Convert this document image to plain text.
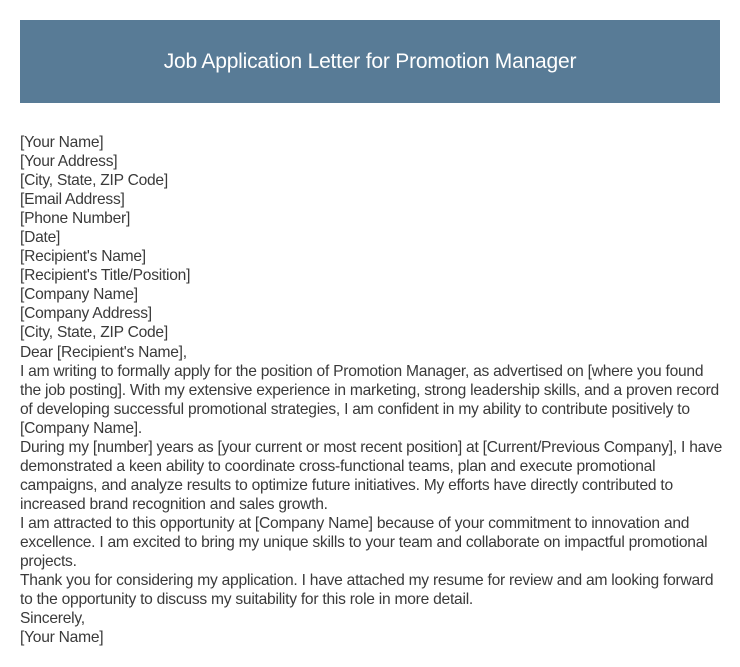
Job Application Letter for Promotion Manager
[Your Name]
[Your Address]
[City, State, ZIP Code]
[Email Address]
[Phone Number]
[Date]
[Recipient's Name]
[Recipient's Title/Position]
[Company Name]
[Company Address]
[City, State, ZIP Code]
Dear [Recipient's Name],
I am writing to formally apply for the position of Promotion Manager, as advertised on [where you found the job posting]. With my extensive experience in marketing, strong leadership skills, and a proven record of developing successful promotional strategies, I am confident in my ability to contribute positively to [Company Name].
During my [number] years as [your current or most recent position] at [Current/Previous Company], I have demonstrated a keen ability to coordinate cross-functional teams, plan and execute promotional campaigns, and analyze results to optimize future initiatives. My efforts have directly contributed to increased brand recognition and sales growth.
I am attracted to this opportunity at [Company Name] because of your commitment to innovation and excellence. I am excited to bring my unique skills to your team and collaborate on impactful promotional projects.
Thank you for considering my application. I have attached my resume for review and am looking forward to the opportunity to discuss my suitability for this role in more detail.
Sincerely,
[Your Name]
